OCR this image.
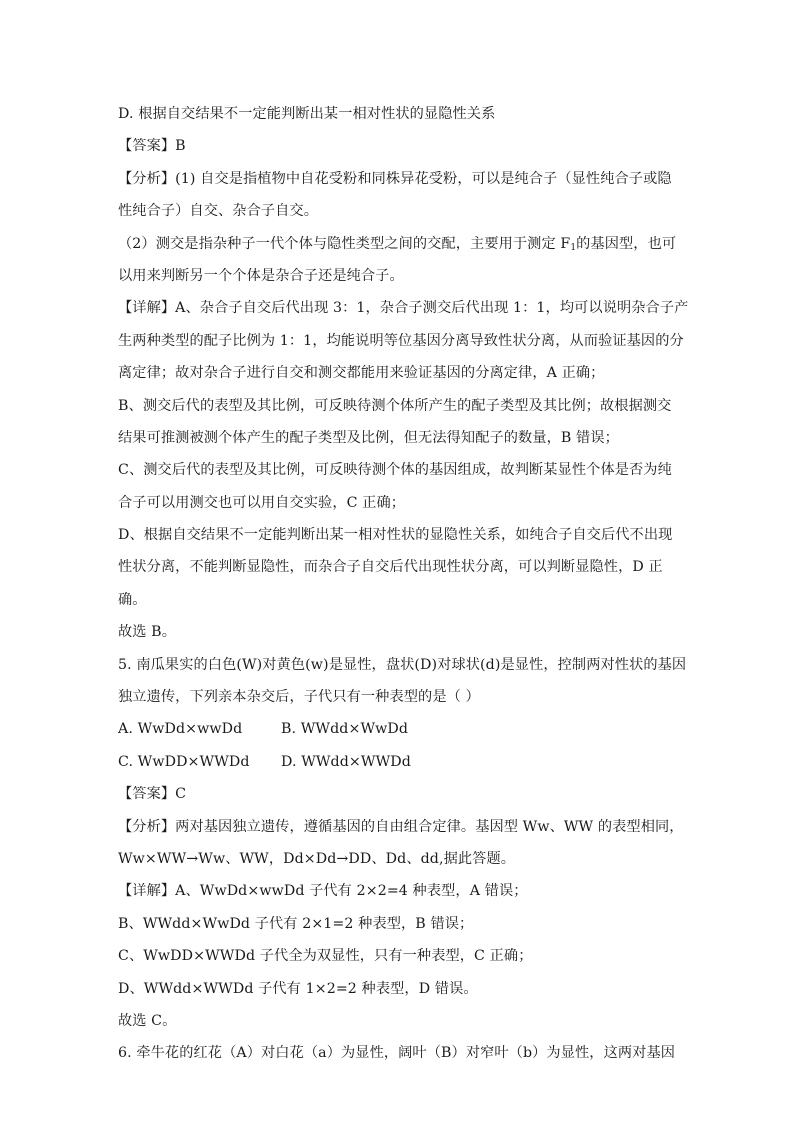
D. 根据自交结果不一定能判断出某一相对性状的显隐性关系
【答案】B
【分析】(1) 自交是指植物中自花受粉和同株异花受粉，可以是纯合子（显性纯合子或隐
性纯合子）自交、杂合子自交。
（2）测交是指杂种子一代个体与隐性类型之间的交配，主要用于测定 $F_1$的基因型，也可
以用来判断另一个个体是杂合子还是纯合子。
【详解】A、杂合子自交后代出现 3：1，杂合子测交后代出现 1：1，均可以说明杂合子产
生两种类型的配子比例为 1：1，均能说明等位基因分离导致性状分离，从而验证基因的分
离定律；故对杂合子进行自交和测交都能用来验证基因的分离定律，A 正确；
B、测交后代的表型及其比例，可反映待测个体所产生的配子类型及其比例；故根据测交
结果可推测被测个体产生的配子类型及比例，但无法得知配子的数量，B 错误；
C、测交后代的表型及其比例，可反映待测个体的基因组成，故判断某显性个体是否为纯
合子可以用测交也可以用自交实验，C 正确；
D、根据自交结果不一定能判断出某一相对性状的显隐性关系，如纯合子自交后代不出现
性状分离，不能判断显隐性，而杂合子自交后代出现性状分离，可以判断显隐性，D 正
确。
故选 B。
5. 南瓜果实的白色(W)对黄色(w)是显性，盘状(D)对球状(d)是显性，控制两对性状的基因
独立遗传，下列亲本杂交后，子代只有一种表型的是（ ）
A. WwDd×wwDd	B. WWdd×WwDd
C. WwDD×WWDd	D. WWdd×WWDd
【答案】C
【分析】两对基因独立遗传，遵循基因的自由组合定律。基因型 Ww、WW 的表型相同，
Ww×WW→Ww、WW，Dd×Dd→DD、Dd、dd,据此答题。
【详解】A、WwDd×wwDd 子代有 2×2=4 种表型，A 错误；
B、WWdd×WwDd 子代有 2×1=2 种表型，B 错误；
C、WwDD×WWDd 子代全为双显性，只有一种表型，C 正确；
D、WWdd×WWDd 子代有 1×2=2 种表型，D 错误。
故选 C。
6. 牵牛花的红花（A）对白花（a）为显性，阔叶（B）对窄叶（b）为显性，这两对基因
